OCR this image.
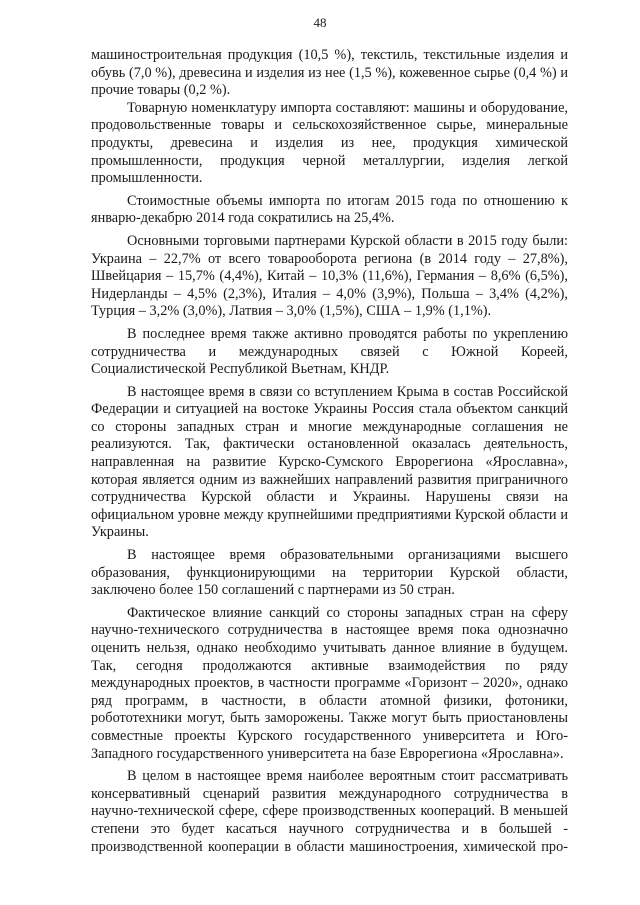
48

машиностроительная продукция (10,5 %), текстиль, текстильные изделия и обувь (7,0 %), древесина и изделия из нее (1,5 %), кожевенное сырье (0,4 %) и прочие товары (0,2 %).

Товарную номенклатуру импорта составляют: машины и оборудование, продовольственные товары и сельскохозяйственное сырье, минеральные продукты, древесина и изделия из нее, продукция химической промышленности, продукция черной металлургии, изделия легкой промышленности.

Стоимостные объемы импорта по итогам 2015 года по отношению к январю-декабрю 2014 года сократились на 25,4%.

Основными торговыми партнерами Курской области в 2015 году были: Украина – 22,7% от всего товарооборота региона (в 2014 году – 27,8%), Швейцария – 15,7% (4,4%), Китай – 10,3% (11,6%), Германия – 8,6% (6,5%), Нидерланды – 4,5% (2,3%), Италия – 4,0% (3,9%), Польша – 3,4% (4,2%), Турция – 3,2% (3,0%), Латвия – 3,0% (1,5%), США – 1,9% (1,1%).

В последнее время также активно проводятся работы по укреплению сотрудничества и международных связей с Южной Кореей, Социалистической Республикой Вьетнам, КНДР.

В настоящее время в связи со вступлением Крыма в состав Российской Федерации и ситуацией на востоке Украины Россия стала объектом санкций со стороны западных стран и многие международные соглашения не реализуются. Так, фактически остановленной оказалась деятельность, направленная на развитие Курско-Сумского Еврорегиона «Ярославна», которая является одним из важнейших направлений развития приграничного сотрудничества Курской области и Украины. Нарушены связи на официальном уровне между крупнейшими предприятиями Курской области и Украины.

В настоящее время образовательными организациями высшего образования, функционирующими на территории Курской области, заключено более 150 соглашений с партнерами из 50 стран.

Фактическое влияние санкций со стороны западных стран на сферу научно-технического сотрудничества в настоящее время пока однозначно оценить нельзя, однако необходимо учитывать данное влияние в будущем. Так, сегодня продолжаются активные взаимодействия по ряду международных проектов, в частности программе «Горизонт – 2020», однако ряд программ, в частности, в области атомной физики, фотоники, робототехники могут, быть заморожены. Также могут быть приостановлены совместные проекты Курского государственного университета и Юго-Западного государственного университета на базе Еврорегиона «Ярославна».

В целом в настоящее время наиболее вероятным стоит рассматривать консервативный сценарий развития международного сотрудничества в научно-технической сфере, сфере производственных коопераций. В меньшей степени это будет касаться научного сотрудничества и в большей - производственной кооперации в области машиностроения, химической про-
